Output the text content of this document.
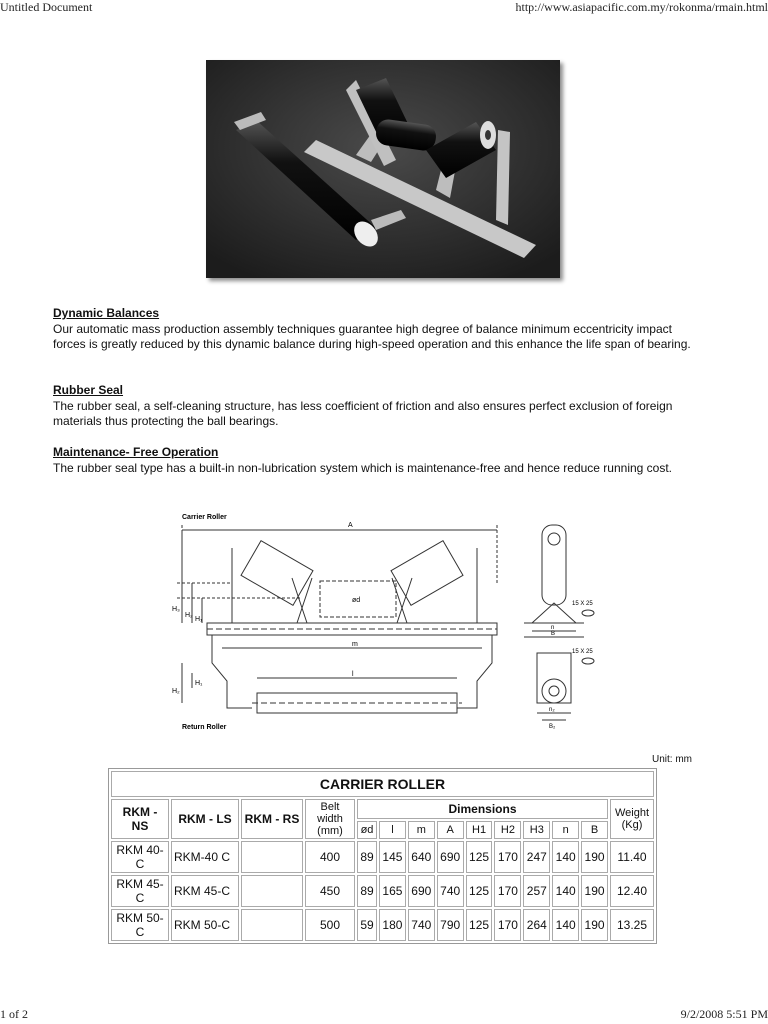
Untitled Document	http://www.asiapacific.com.my/rokonma/rmain.html
Dynamic Balances

Our automatic mass production assembly techniques guarantee high degree of balance minimum eccentricity impact forces is greatly reduced by this dynamic balance during high-speed operation and this enhance the life span of bearing.

Rubber Seal

The rubber seal, a self-cleaning structure, has less coefficient of friction and also ensures perfect exclusion of foreign materials thus protecting the ball bearings.

Maintenance- Free Operation

The rubber seal type has a built-in non-lubrication system which is maintenance-free and hence reduce running cost.

Carrier Roller
Return Roller
A
m
l
ød
n
B
15 X 25
15 X 25
H₃
H₂
H₁
H₂
H₁
n₂
B₂
Unit: mm
CARRIER ROLLER													
RKM - NS	RKM - LS	RKM - RS	Belt width (mm)	Dimensions									Weight (Kg)
				ød	l	m	A	H1	H2	H3	n	B	
RKM 40-C	RKM-40 C		400	89	145	640	690	125	170	247	140	190	11.40
RKM 45-C	RKM 45-C		450	89	165	690	740	125	170	257	140	190	12.40
RKM 50-C	RKM 50-C		500	59	180	740	790	125	170	264	140	190	13.25
1 of 2	9/2/2008 5:51 PM
